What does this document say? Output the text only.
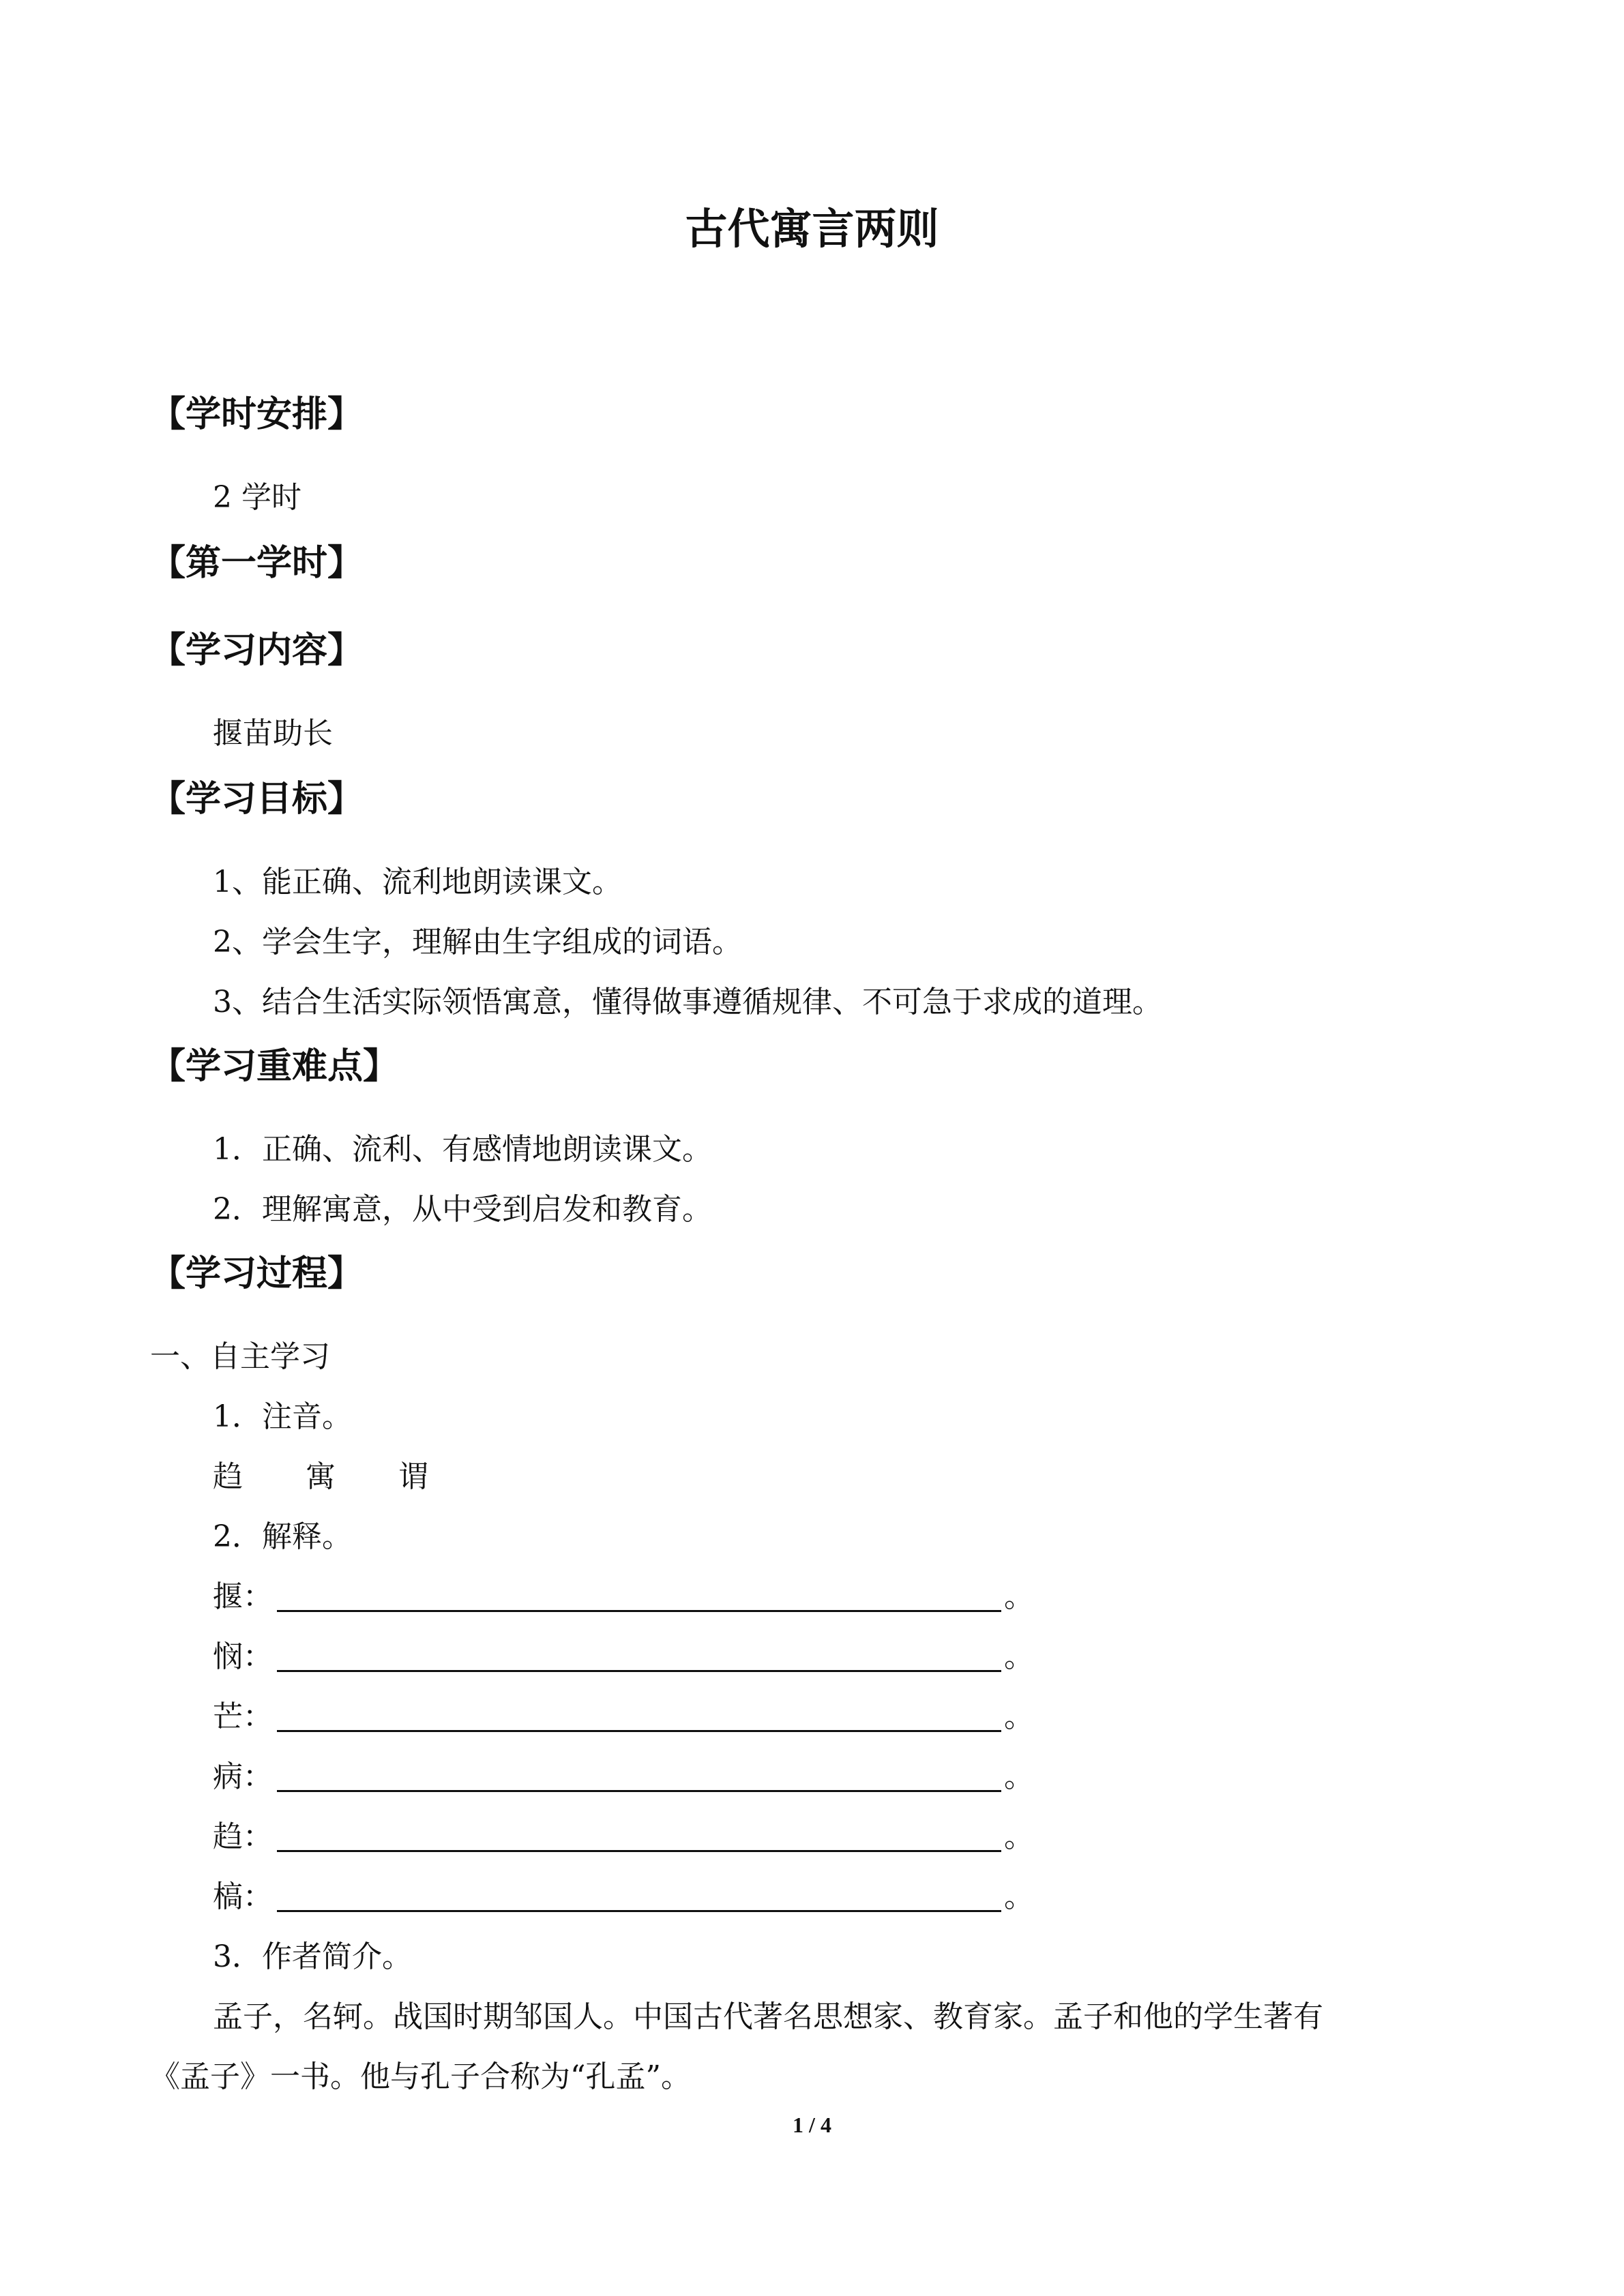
古代寓言两则
【学时安排】
2 学时
【第一学时】
【学习内容】
揠苗助长
【学习目标】
1、能正确、流利地朗读课文。
2、学会生字，理解由生字组成的词语。
3、结合生活实际领悟寓意，懂得做事遵循规律、不可急于求成的道理。
【学习重难点】
1．正确、流利、有感情地朗读课文。
2．理解寓意，从中受到启发和教育。
【学习过程】
一、自主学习
1．注音。
趋 寓 谓
2．解释。
揠：	。
悯：	。
芒：	。
病：	。
趋：	。
槁：	。
3．作者简介。
孟子，名轲。战国时期邹国人。中国古代著名思想家、教育家。孟子和他的学生著有
《孟子》一书。他与孔子合称为“孔孟”。
1 / 4
